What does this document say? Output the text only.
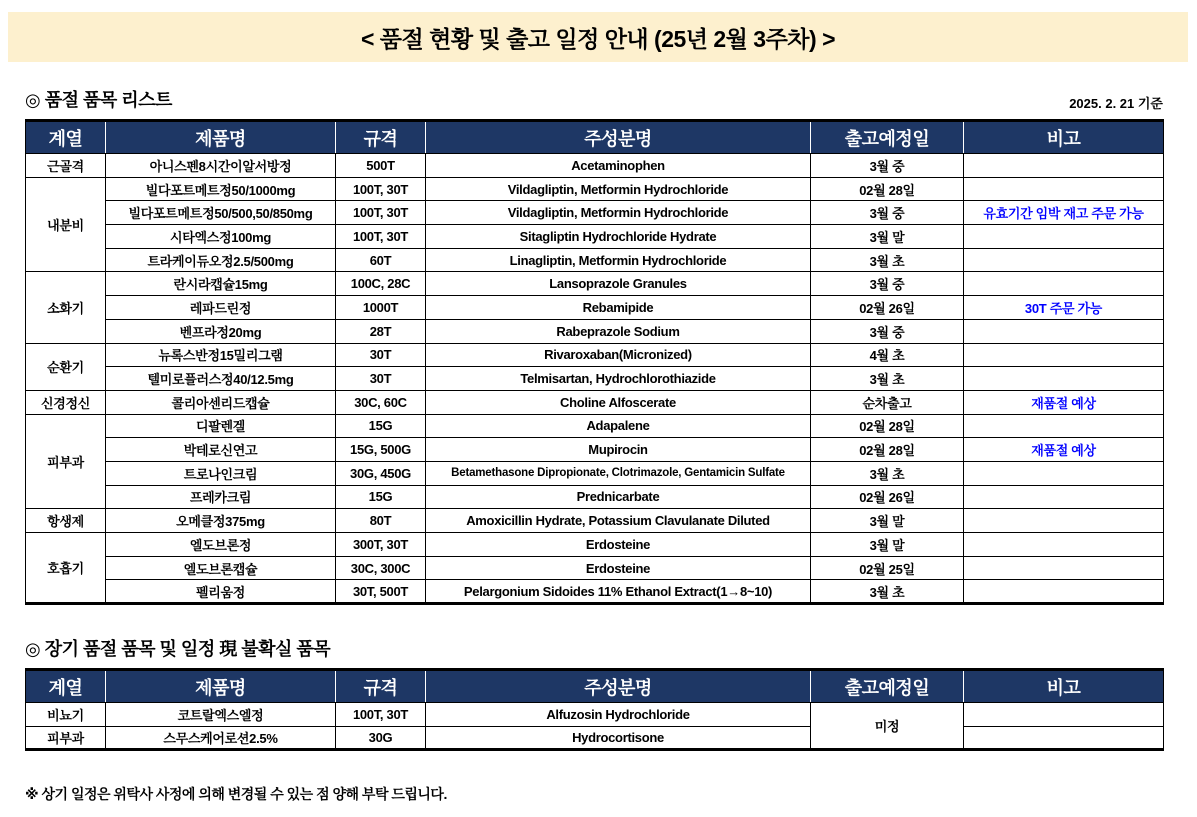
< 품절 현황 및 출고 일정 안내 (25년 2월 3주차) >
◎ 품절 품목 리스트	2025. 2. 21 기준
계열	제품명	규격	주성분명	출고예정일	비고
근골격	아니스펜8시간이알서방정	500T	Acetaminophen	3월 중	
내분비	빌다포트메트정50/1000mg	100T, 30T	Vildagliptin, Metformin Hydrochloride	02월 28일	
	빌다포트메트정50/500,50/850mg	100T, 30T	Vildagliptin, Metformin Hydrochloride	3월 중	유효기간 임박 재고 주문 가능
	시타엑스정100mg	100T, 30T	Sitagliptin Hydrochloride Hydrate	3월 말	
	트라케이듀오정2.5/500mg	60T	Linagliptin, Metformin Hydrochloride	3월 초	
소화기	란시라캡슐15mg	100C, 28C	Lansoprazole Granules	3월 중	
	레파드린정	1000T	Rebamipide	02월 26일	30T 주문 가능
	벤프라정20mg	28T	Rabeprazole Sodium	3월 중	
순환기	뉴록스반정15밀리그램	30T	Rivaroxaban(Micronized)	4월 초	
	텔미로플러스정40/12.5mg	30T	Telmisartan, Hydrochlorothiazide	3월 초	
신경정신	콜리아센리드캡슐	30C, 60C	Choline Alfoscerate	순차출고	재품절 예상
피부과	디팔렌겔	15G	Adapalene	02월 28일	
	박테로신연고	15G, 500G	Mupirocin	02월 28일	재품절 예상
	트로나인크림	30G, 450G	Betamethasone Dipropionate, Clotrimazole, Gentamicin Sulfate	3월 초	
	프레카크림	15G	Prednicarbate	02월 26일	
항생제	오메클정375mg	80T	Amoxicillin Hydrate, Potassium Clavulanate Diluted	3월 말	
호흡기	엘도브론정	300T, 30T	Erdosteine	3월 말	
	엘도브론캡슐	30C, 300C	Erdosteine	02월 25일	
	펠리움정	30T, 500T	Pelargonium Sidoides 11% Ethanol Extract(1→8~10)	3월 초	
◎ 장기 품절 품목 및 일정 現 불확실 품목
계열	제품명	규격	주성분명	출고예정일	비고
비뇨기	코트랄엑스엘정	100T, 30T	Alfuzosin Hydrochloride	미정	
피부과	스무스케어로션2.5%	30G	Hydrocortisone		
※ 상기 일정은 위탁사 사정에 의해 변경될 수 있는 점 양해 부탁 드립니다.
